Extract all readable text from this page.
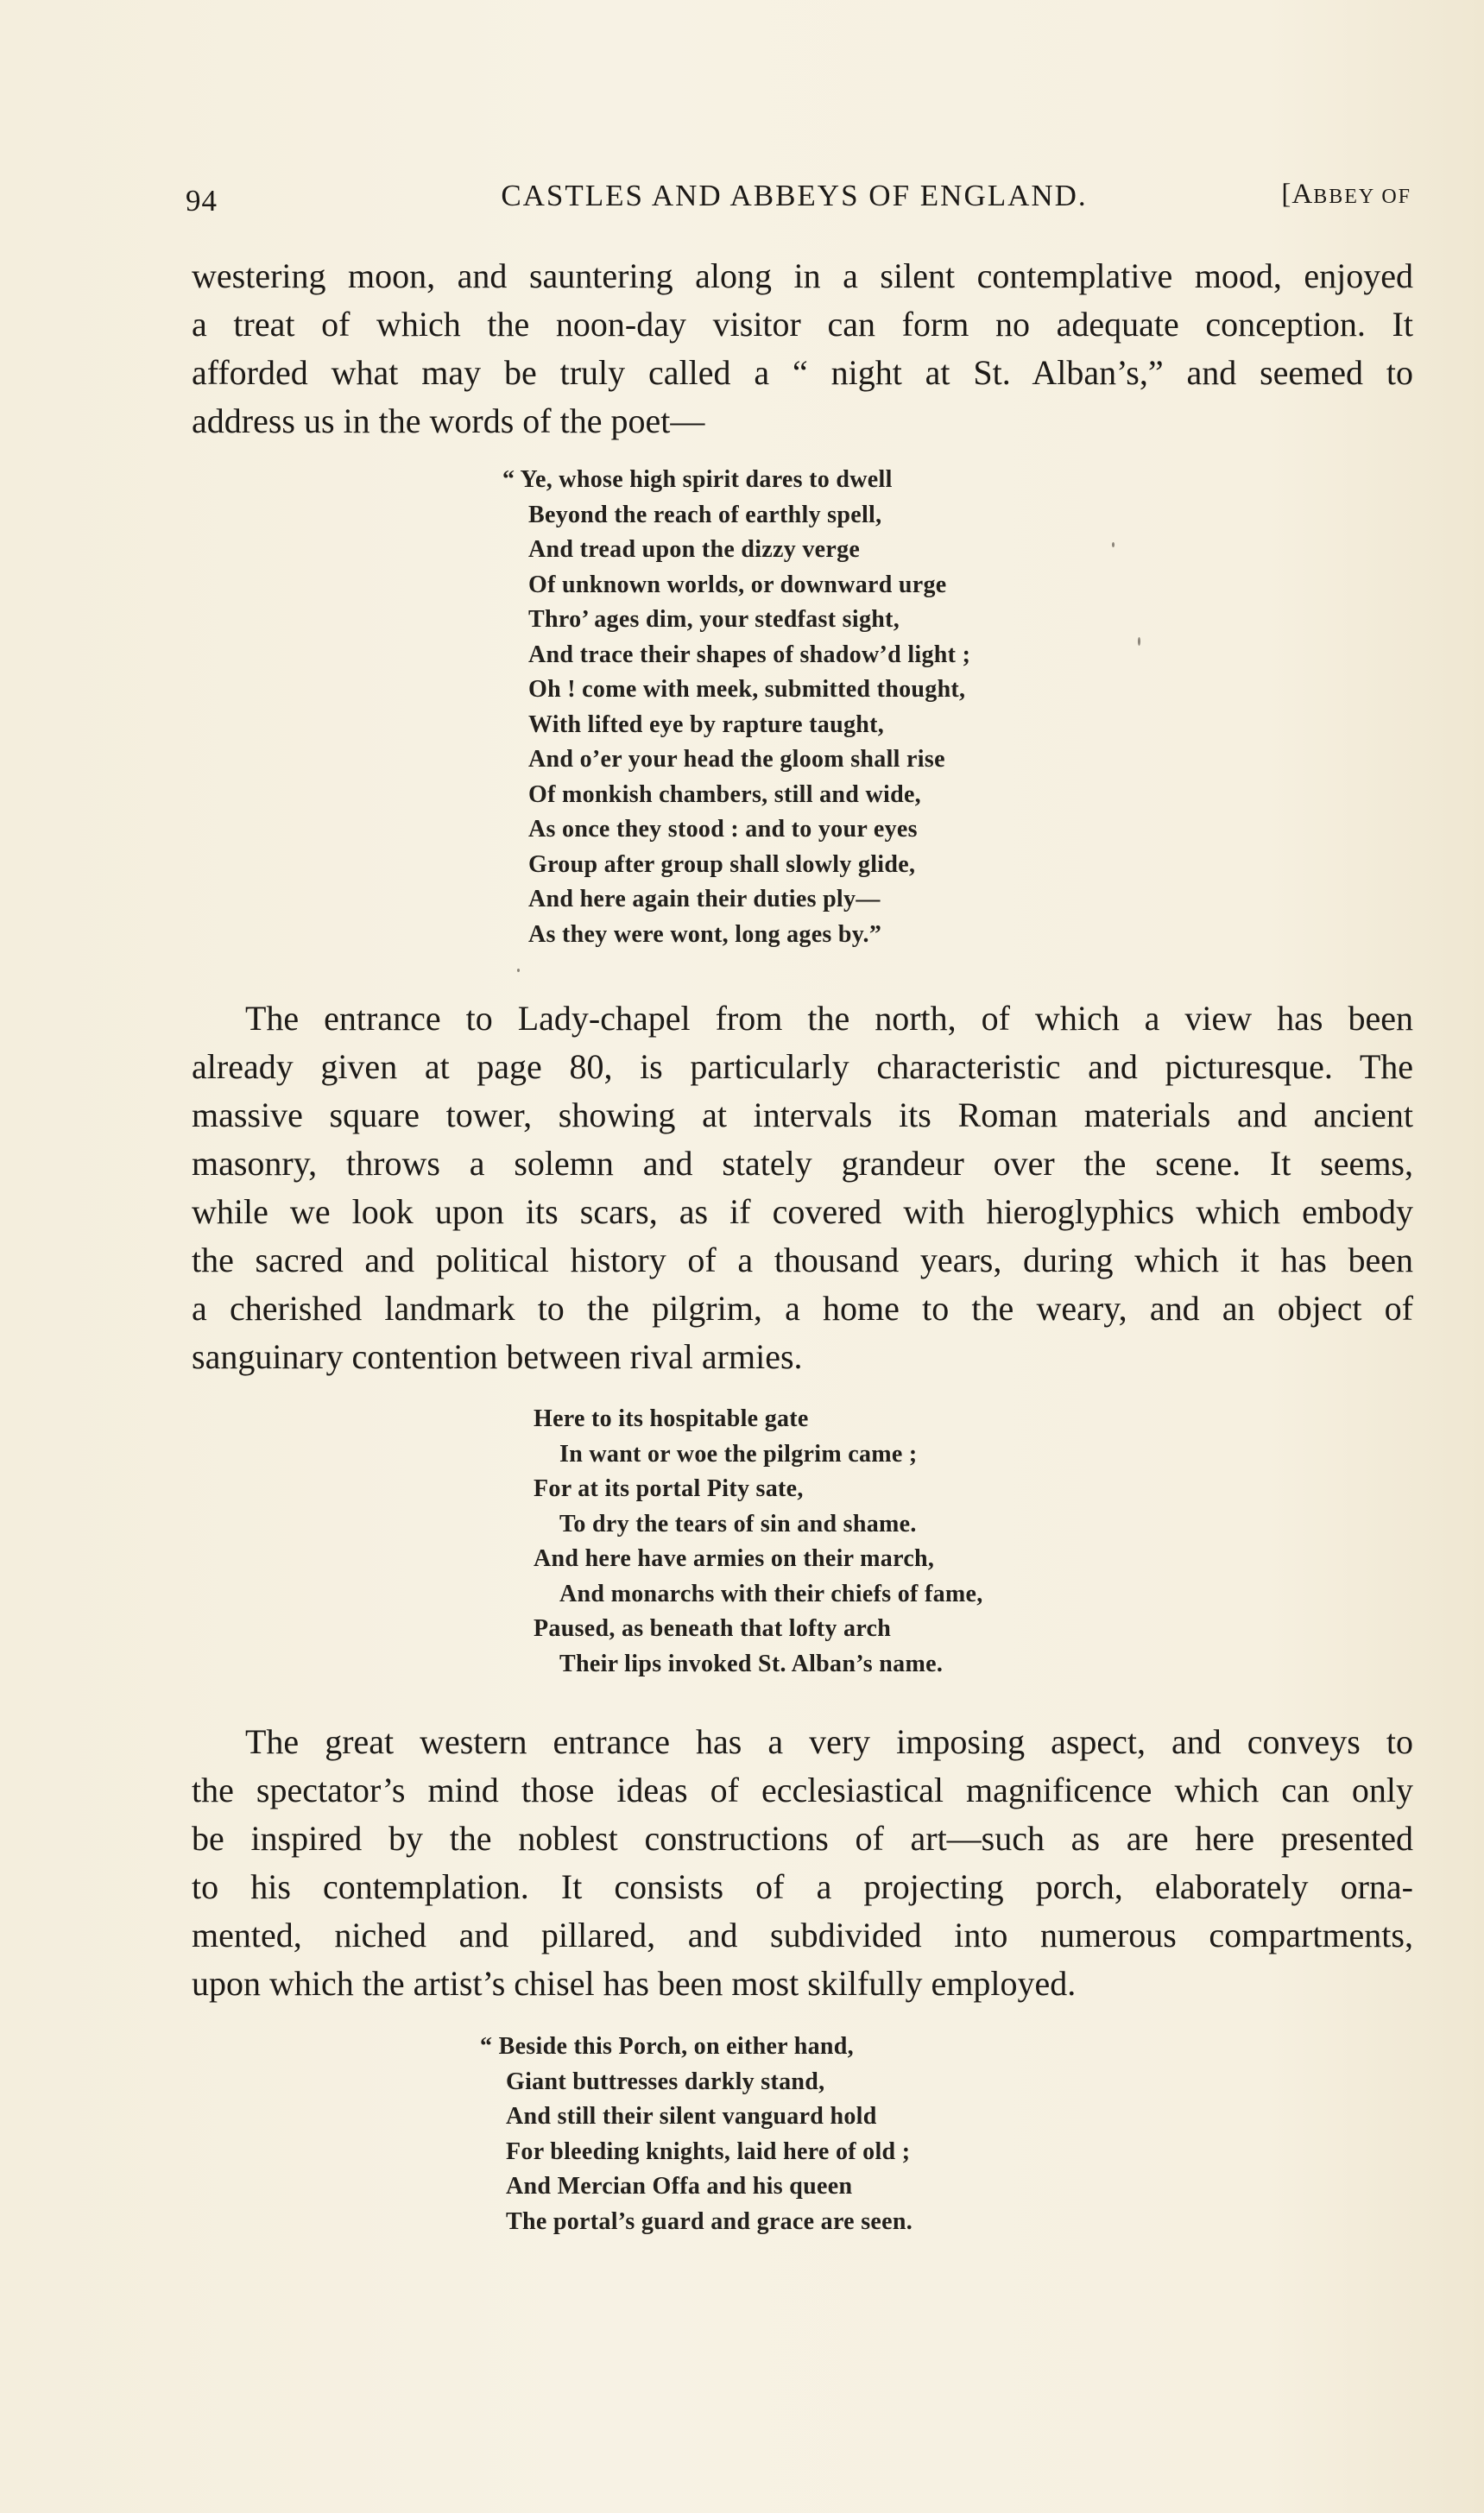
94	CASTLES AND ABBEYS OF ENGLAND.	[ABBEY OF
westering moon, and sauntering along in a silent contemplative mood, enjoyed
a treat of which the noon-day visitor can form no adequate conception. It
afforded what may be truly called a “ night at St. Alban’s,” and seemed to
address us in the words of the poet—
“ Ye, whose high spirit dares to dwell
Beyond the reach of earthly spell,
And tread upon the dizzy verge
Of unknown worlds, or downward urge
Thro’ ages dim, your stedfast sight,
And trace their shapes of shadow’d light ;
Oh ! come with meek, submitted thought,
With lifted eye by rapture taught,
And o’er your head the gloom shall rise
Of monkish chambers, still and wide,
As once they stood : and to your eyes
Group after group shall slowly glide,
And here again their duties ply—
As they were wont, long ages by.”
The entrance to Lady-chapel from the north, of which a view has been
already given at page 80, is particularly characteristic and picturesque. The
massive square tower, showing at intervals its Roman materials and ancient
masonry, throws a solemn and stately grandeur over the scene. It seems,
while we look upon its scars, as if covered with hieroglyphics which embody
the sacred and political history of a thousand years, during which it has been
a cherished landmark to the pilgrim, a home to the weary, and an object of
sanguinary contention between rival armies.
Here to its hospitable gate
In want or woe the pilgrim came ;
For at its portal Pity sate,
To dry the tears of sin and shame.
And here have armies on their march,
And monarchs with their chiefs of fame,
Paused, as beneath that lofty arch
Their lips invoked St. Alban’s name.
The great western entrance has a very imposing aspect, and conveys to
the spectator’s mind those ideas of ecclesiastical magnificence which can only
be inspired by the noblest constructions of art—such as are here presented
to his contemplation. It consists of a projecting porch, elaborately orna-
mented, niched and pillared, and subdivided into numerous compartments,
upon which the artist’s chisel has been most skilfully employed.
“ Beside this Porch, on either hand,
Giant buttresses darkly stand,
And still their silent vanguard hold
For bleeding knights, laid here of old ;
And Mercian Offa and his queen
The portal’s guard and grace are seen.
